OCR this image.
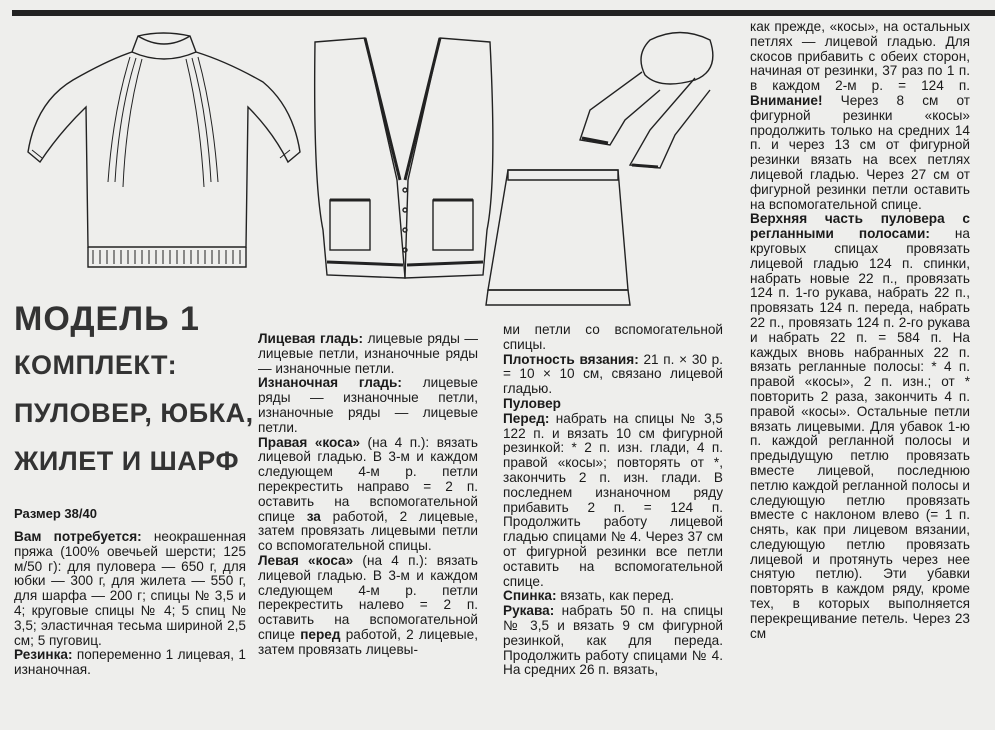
МОДЕЛЬ 1
КОМПЛЕКТ:
ПУЛОВЕР, ЮБКА,
ЖИЛЕТ И ШАРФ

Размер 38/40

Вам потребуется: неокрашенная пряжа (100% овечьей шерсти; 125 м/50 г): для пуловера — 650 г, для юбки — 300 г, для жилета — 550 г, для шарфа — 200 г; спицы № 3,5 и 4; круговые спицы № 4; 5 спиц № 3,5; эластичная тесьма шириной 2,5 см; 5 пуговиц.

Резинка: попеременно 1 лицевая, 1 изнаночная.

Лицевая гладь: лицевые ряды — лицевые петли, изнаночные ряды — изнаночные петли.

Изнаночная гладь: лицевые ряды — изнаночные петли, изнаночные ряды — лицевые петли.

Правая «коса» (на 4 п.): вязать лицевой гладью. В 3-м и каждом следующем 4-м р. петли перекрестить направо = 2 п. оставить на вспомогательной спице за работой, 2 лицевые, затем провязать лицевыми петли со вспомогательной спицы.

Левая «коса» (на 4 п.): вязать лицевой гладью. В 3-м и каждом следующем 4-м р. петли перекрестить налево = 2 п. оставить на вспомогательной спице перед работой, 2 лицевые, затем провязать лицевы-

ми петли со вспомогательной спицы.

Плотность вязания: 21 п. × 30 р. = 10 × 10 см, связано лицевой гладью.

Пуловер

Перед: набрать на спицы № 3,5 122 п. и вязать 10 см фигурной резинкой: * 2 п. изн. глади, 4 п. правой «косы»; повторять от *, закончить 2 п. изн. глади. В последнем изнаночном ряду прибавить 2 п. = 124 п. Продолжить работу лицевой гладью спицами № 4. Через 37 см от фигурной резинки все петли оставить на вспомогательной спице.

Спинка: вязать, как перед.

Рукава: набрать 50 п. на спицы № 3,5 и вязать 9 см фигурной резинкой, как для переда. Продолжить работу спицами № 4. На средних 26 п. вязать,

как прежде, «косы», на остальных петлях — лицевой гладью. Для скосов прибавить с обеих сторон, начиная от резинки, 37 раз по 1 п. в каждом 2-м р. = 124 п. Внимание! Через 8 см от фигурной резинки «косы» продолжить только на средних 14 п. и через 13 см от фигурной резинки вязать на всех петлях лицевой гладью. Через 27 см от фигурной резинки петли оставить на вспомогательной спице.

Верхняя часть пуловера с регланными полосами: на круговых спицах провязать лицевой гладью 124 п. спинки, набрать новые 22 п., провязать 124 п. 1-го рукава, набрать 22 п., провязать 124 п. переда, набрать 22 п., провязать 124 п. 2-го рукава и набрать 22 п. = 584 п. На каждых вновь набранных 22 п. вязать регланные полосы: * 4 п. правой «косы», 2 п. изн.; от * повторить 2 раза, закончить 4 п. правой «косы». Остальные петли вязать лицевыми. Для убавок 1-ю п. каждой регланной полосы и предыдущую петлю провязать вместе лицевой, последнюю петлю каждой регланной полосы и следующую петлю провязать вместе с наклоном влево (= 1 п. снять, как при лицевом вязании, следующую петлю провязать лицевой и протянуть через нее снятую петлю). Эти убавки повторять в каждом ряду, кроме тех, в которых выполняется перекрещивание петель. Через 23 см
